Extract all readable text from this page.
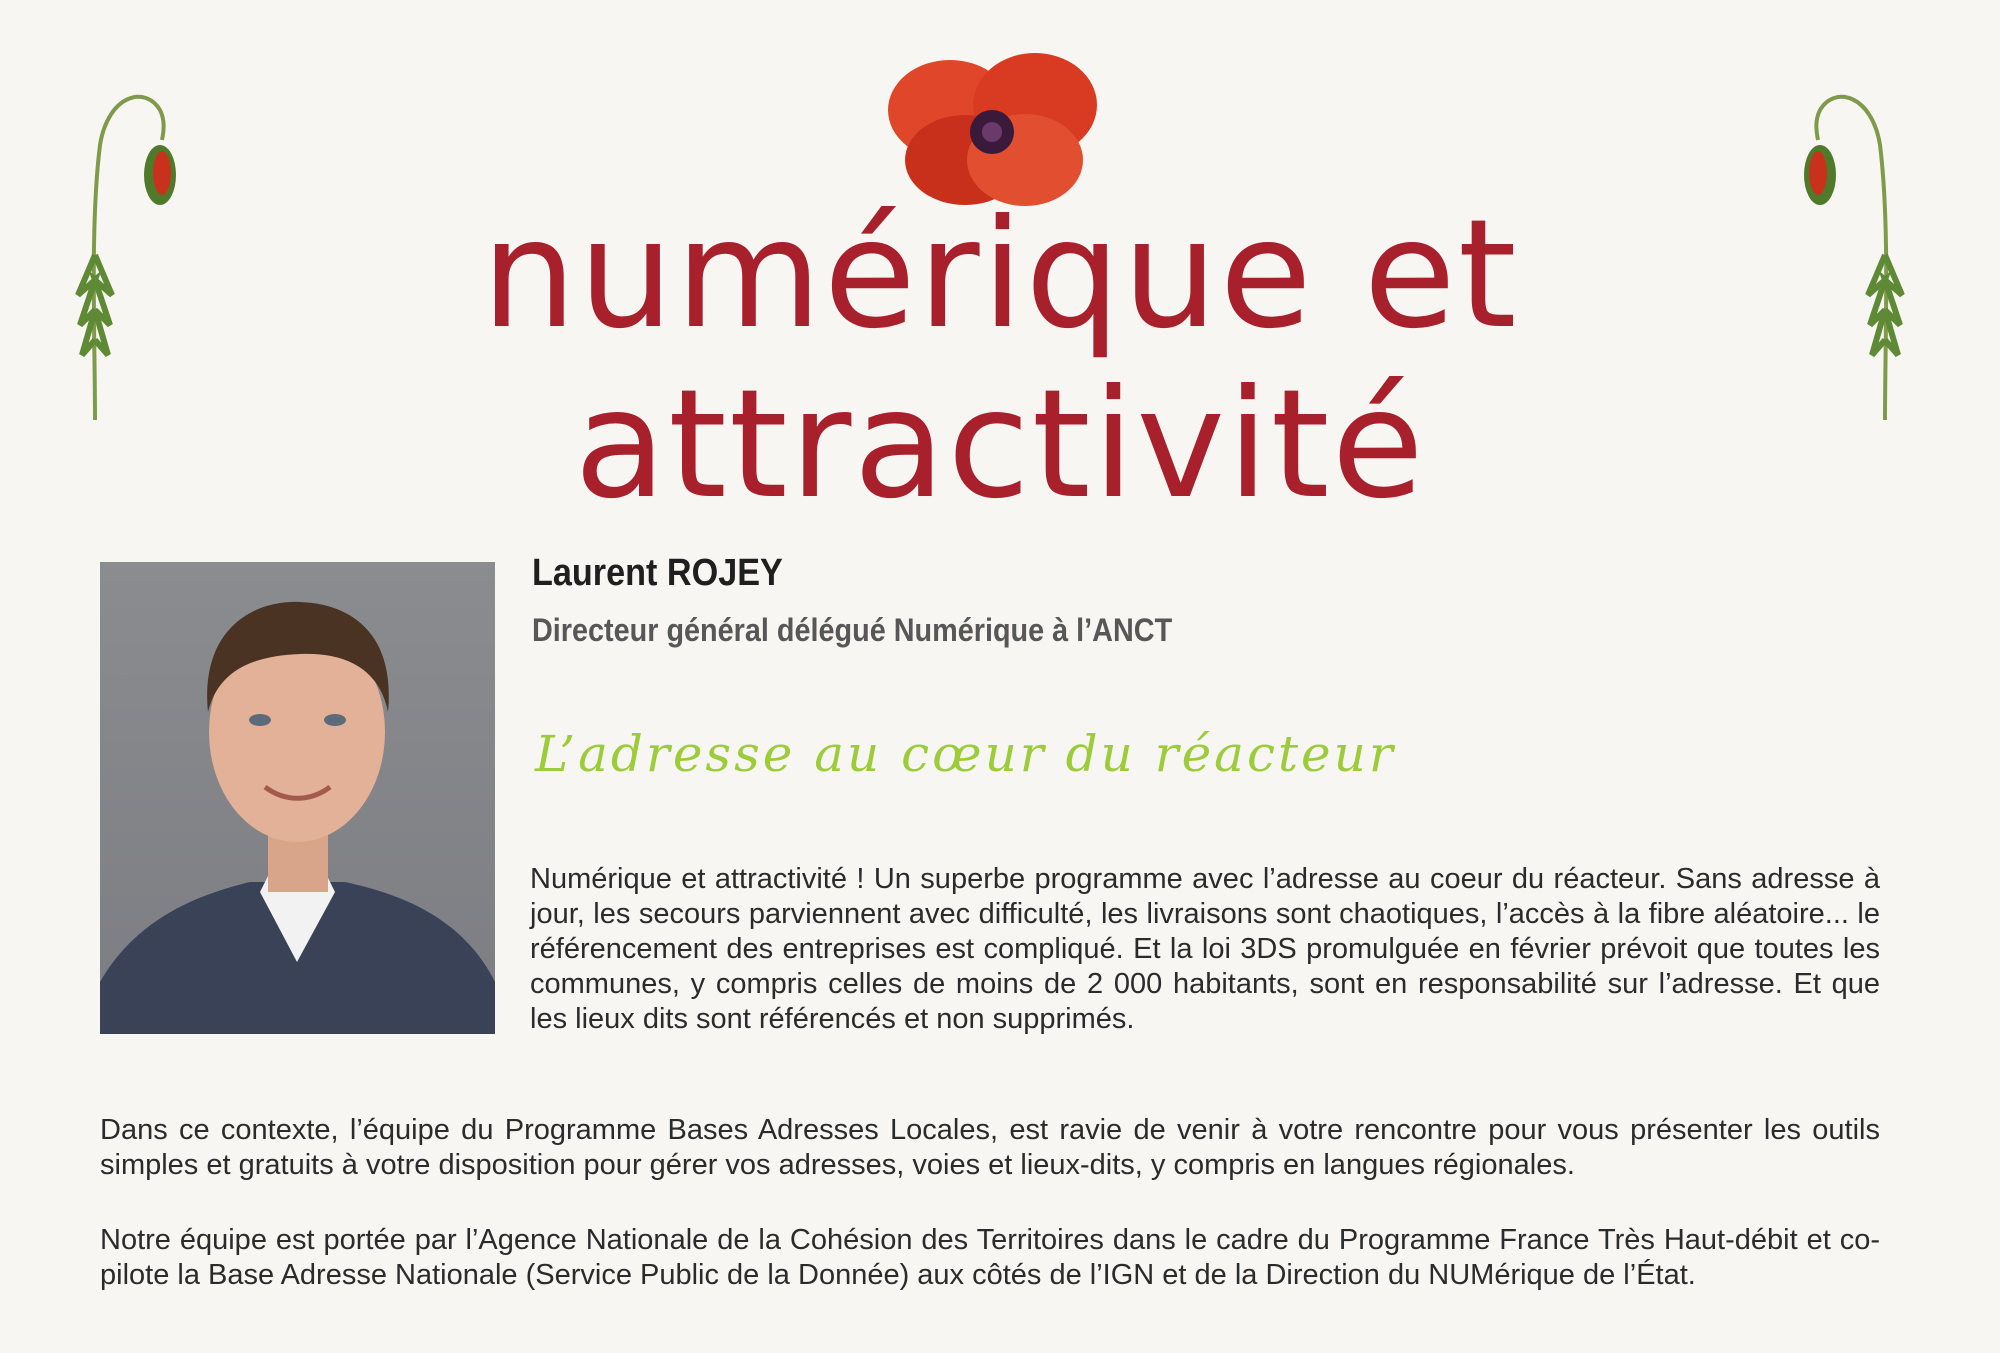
numérique et attractivité
Laurent ROJEY
Directeur général délégué Numérique à l’ANCT
L’adresse au cœur du réacteur

Numérique et attractivité ! Un superbe programme avec l’adresse au coeur du réacteur. Sans adresse à jour, les secours parviennent avec difficulté, les livraisons sont chaotiques, l’accès à la fibre aléatoire... le référencement des entreprises est compliqué. Et la loi 3DS promulguée en février prévoit que toutes les communes, y compris celles de moins de 2 000 habitants, sont en responsabilité sur l’adresse. Et que les lieux dits sont référencés et non supprimés.

Dans ce contexte, l’équipe du Programme Bases Adresses Locales, est ravie de venir à votre rencontre pour vous présenter les outils simples et gratuits à votre disposition pour gérer vos adresses, voies et lieux-dits, y compris en langues régionales.

Notre équipe est portée par l’Agence Nationale de la Cohésion des Territoires dans le cadre du Programme France Très Haut-débit et co-pilote la Base Adresse Nationale (Service Public de la Donnée) aux côtés de l’IGN et de la Direction du NUMérique de l’État.
